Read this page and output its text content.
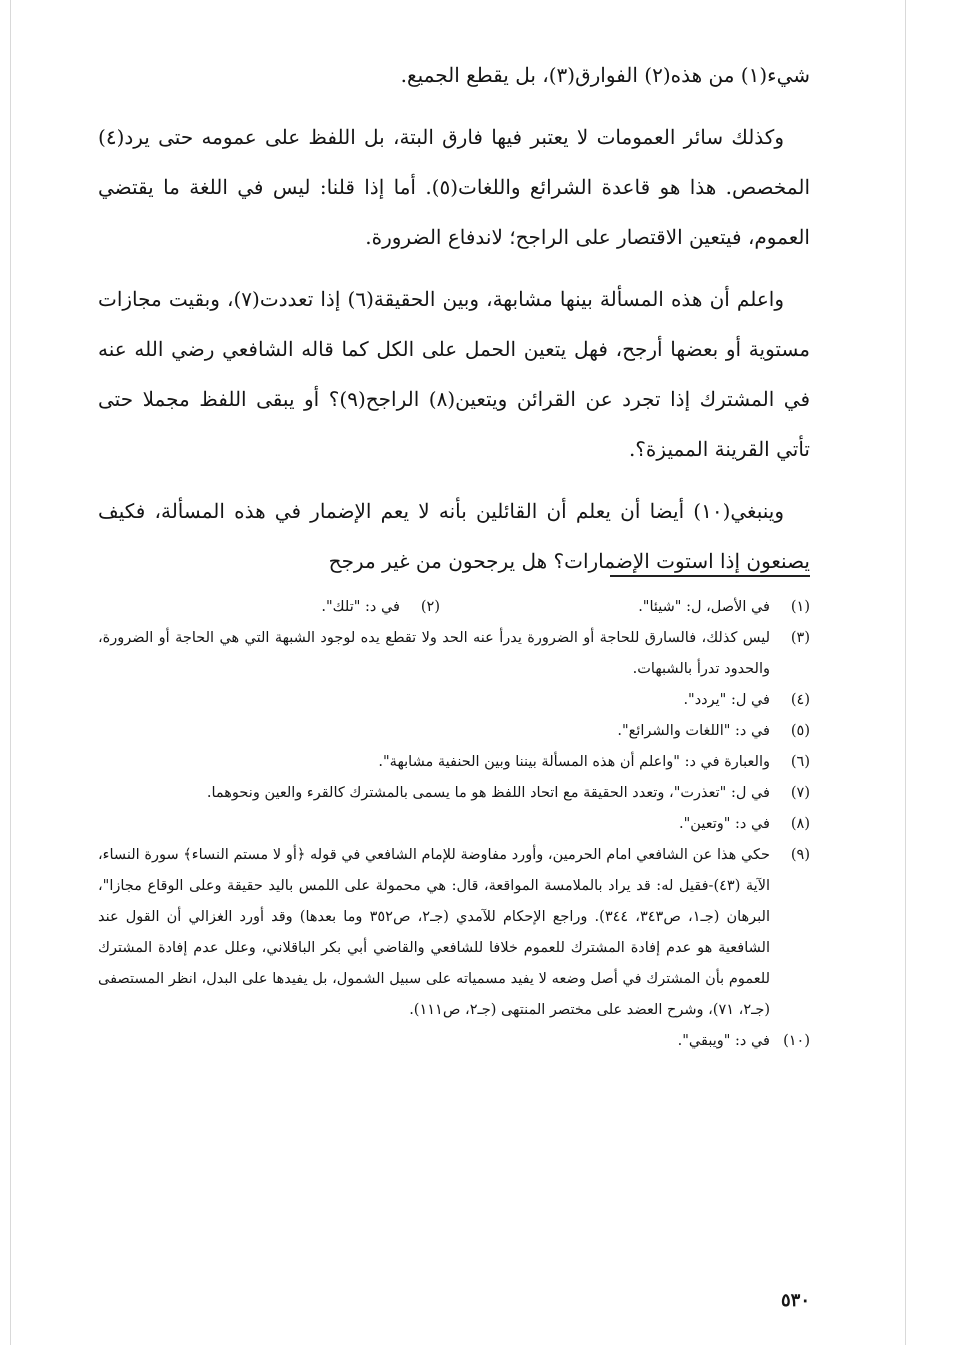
شيء(١) من هذه(٢) الفوارق(٣)، بل يقطع الجميع.

وكذلك سائر العمومات لا يعتبر فيها فارق البتة، بل اللفظ على عمومه حتى يرد(٤) المخصص. هذا هو قاعدة الشرائع واللغات(٥). أما إذا قلنا: ليس في اللغة ما يقتضي العموم، فيتعين الاقتصار على الراجح؛ لاندفاع الضرورة.

واعلم أن هذه المسألة بينها مشابهة، وبين الحقيقة(٦) إذا تعددت(٧)، وبقيت مجازات مستوية أو بعضها أرجح، فهل يتعين الحمل على الكل كما قاله الشافعي رضي الله عنه في المشترك إذا تجرد عن القرائن ويتعين(٨) الراجح(٩)؟ أو يبقى اللفظ مجملا حتى تأتي القرينة المميزة؟.

وينبغي(١٠) أيضا أن يعلم أن القائلين بأنه لا يعم الإضمار في هذه المسألة، فكيف يصنعون إذا استوت الإضمارات؟ هل يرجحون من غير مرجح

(١)
في الأصل، ل: "شيئا".
(٢)
في د: "تلك".
(٣)
ليس كذلك، فالسارق للحاجة أو الضرورة يدرأ عنه الحد ولا تقطع يده لوجود الشبهة التي هي الحاجة أو الضرورة، والحدود تدرأ بالشبهات.
(٤)
في ل: "يردد".
(٥)
في د: "اللغات والشرائع".
(٦)
والعبارة في د: "واعلم أن هذه المسألة بيننا وبين الحنفية مشابهة".
(٧)
في ل: "تعذرت"، وتعدد الحقيقة مع اتحاد اللفظ هو ما يسمى بالمشترك كالقرء والعين ونحوهما.
(٨)
في د: "وتعين".
(٩)
حكي هذا عن الشافعي امام الحرمين، وأورد مفاوضة للإمام الشافعي في قوله ﴿أو لا مستم النساء﴾ سورة النساء، الآية (٤٣)-فقيل له: قد يراد بالملامسة المواقعة، قال: هي محمولة على اللمس باليد حقيقة وعلى الوقاع مجازا"، البرهان (جـ١، ص٣٤٣، ٣٤٤). وراجع الإحكام للآمدي (جـ٢، ص٣٥٢ وما بعدها) وقد أورد الغزالي أن القول عند الشافعية هو عدم إفادة المشترك للعموم خلافا للشافعي والقاضي أبي بكر الباقلاني، وعلل عدم إفادة المشترك للعموم بأن المشترك في أصل وضعه لا يفيد مسمياته على سبيل الشمول، بل يفيدها على البدل، انظر المستصفى (جـ٢، ٧١)، وشرح العضد على مختصر المنتهى (جـ٢، ص١١١).
(١٠)
في د: "ويبقي".
٥٣٠
